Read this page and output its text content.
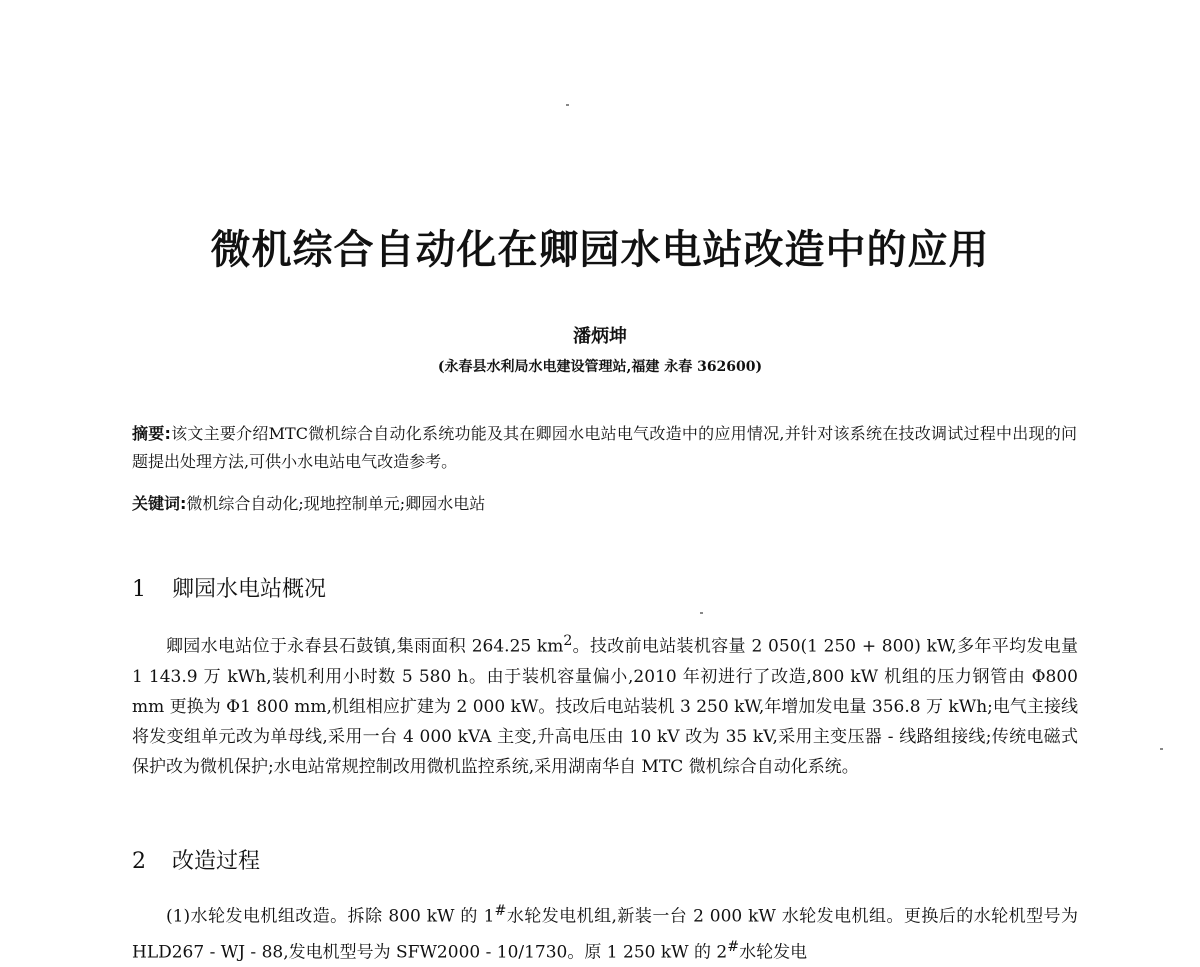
微机综合自动化在卿园水电站改造中的应用
潘炳坤
(永春县水利局水电建设管理站,福建 永春 362600)
摘要:该文主要介绍MTC微机综合自动化系统功能及其在卿园水电站电气改造中的应用情况,并针对该系统在技改调试过程中出现的问题提出处理方法,可供小水电站电气改造参考。
关键词:微机综合自动化;现地控制单元;卿园水电站
1 卿园水电站概况
卿园水电站位于永春县石鼓镇,集雨面积 264.25 $km^2$。技改前电站装机容量 2 050(1 250 + 800) kW,多年平均发电量 1 143.9 万 kWh,装机利用小时数 5 580 h。由于装机容量偏小,2010 年初进行了改造,800 kW 机组的压力钢管由 Φ800 mm 更换为 Φ1 800 mm,机组相应扩建为 2 000 kW。技改后电站装机 3 250 kW,年增加发电量 356.8 万 kWh;电气主接线将发变组单元改为单母线,采用一台 4 000 kVA 主变,升高电压由 10 kV 改为 35 kV,采用主变压器 - 线路组接线;传统电磁式保护改为微机保护;水电站常规控制改用微机监控系统,采用湖南华自 MTC 微机综合自动化系统。
2 改造过程
(1)水轮发电机组改造。拆除 800 kW 的 1#水轮发电机组,新装一台 2 000 kW 水轮发电机组。更换后的水轮机型号为 HLD267 - WJ - 88,发电机型号为 SFW2000 - 10/1730。原 1 250 kW 的 2#水轮发电
